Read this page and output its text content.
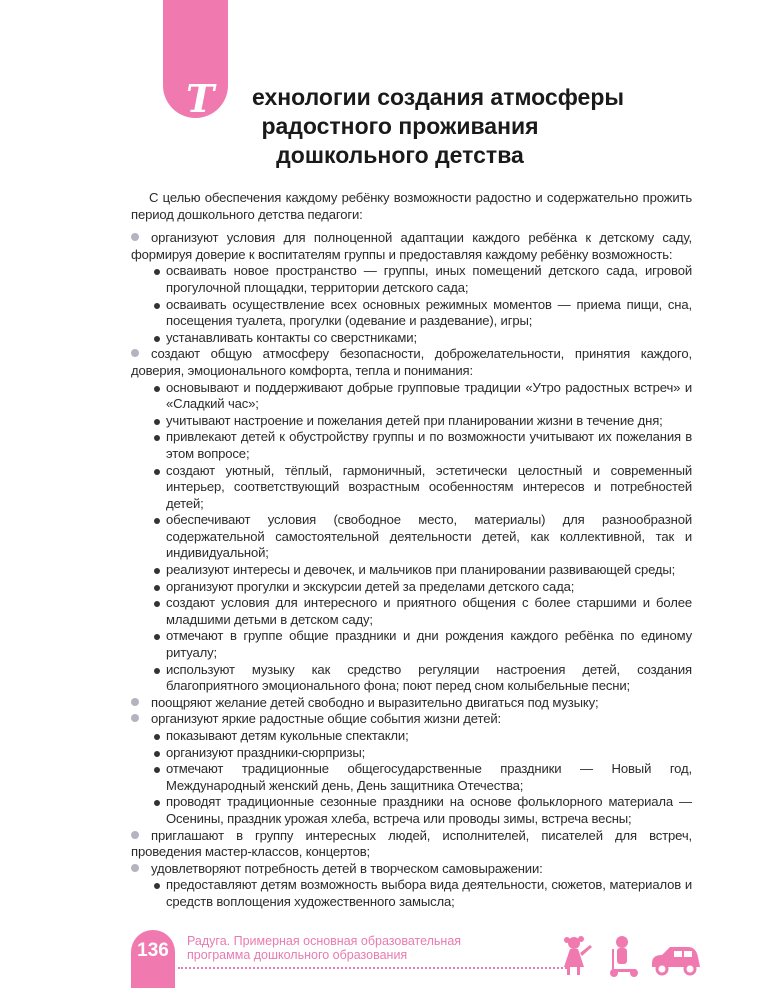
Т	ехнологии создания атмосферы
радостного проживания
дошкольного детства

С целью обеспечения каждому ребёнку возможности радостно и содержательно прожить период дошкольного детства педагоги:

организуют условия для полноценной адаптации каждого ребёнка к детскому саду, формируя доверие к воспитателям группы и предоставляя каждому ребёнку возможность:
осваивать новое пространство — группы, иных помещений детского сада, игровой прогулочной площадки, территории детского сада;
осваивать осуществление всех основных режимных моментов — приема пищи, сна, посещения туалета, прогулки (одевание и раздевание), игры;
устанавливать контакты со сверстниками;
создают общую атмосферу безопасности, доброжелательности, принятия каждого, доверия, эмоционального комфорта, тепла и понимания:
основывают и поддерживают добрые групповые традиции «Утро радостных встреч» и «Сладкий час»;
учитывают настроение и пожелания детей при планировании жизни в течение дня;
привлекают детей к обустройству группы и по возможности учитывают их пожелания в этом вопросе;
создают уютный, тёплый, гармоничный, эстетически целостный и современный интерьер, соответствующий возрастным особенностям интересов и потребностей детей;
обеспечивают условия (свободное место, материалы) для разнообразной содержательной самостоятельной деятельности детей, как коллективной, так и индивидуальной;
реализуют интересы и девочек, и мальчиков при планировании развивающей среды;
организуют прогулки и экскурсии детей за пределами детского сада;
создают условия для интересного и приятного общения с более старшими и более младшими детьми в детском саду;
отмечают в группе общие праздники и дни рождения каждого ребёнка по единому ритуалу;
используют музыку как средство регуляции настроения детей, создания благоприятного эмоционального фона; поют перед сном колыбельные песни;
поощряют желание детей свободно и выразительно двигаться под музыку;
организуют яркие радостные общие события жизни детей:
показывают детям кукольные спектакли;
организуют праздники-сюрпризы;
отмечают традиционные общегосударственные праздники — Новый год, Международный женский день, День защитника Отечества;
проводят традиционные сезонные праздники на основе фольклорного материала — Осенины, праздник урожая хлеба, встреча или проводы зимы, встреча весны;
приглашают в группу интересных людей, исполнителей, писателей для встреч, проведения мастер-классов, концертов;
удовлетворяют потребность детей в творческом самовыражении:
предоставляют детям возможность выбора вида деятельности, сюжетов, материалов и средств воплощения художественного замысла;
136	Радуга. Примерная основная образовательная
программа дошкольного образования
